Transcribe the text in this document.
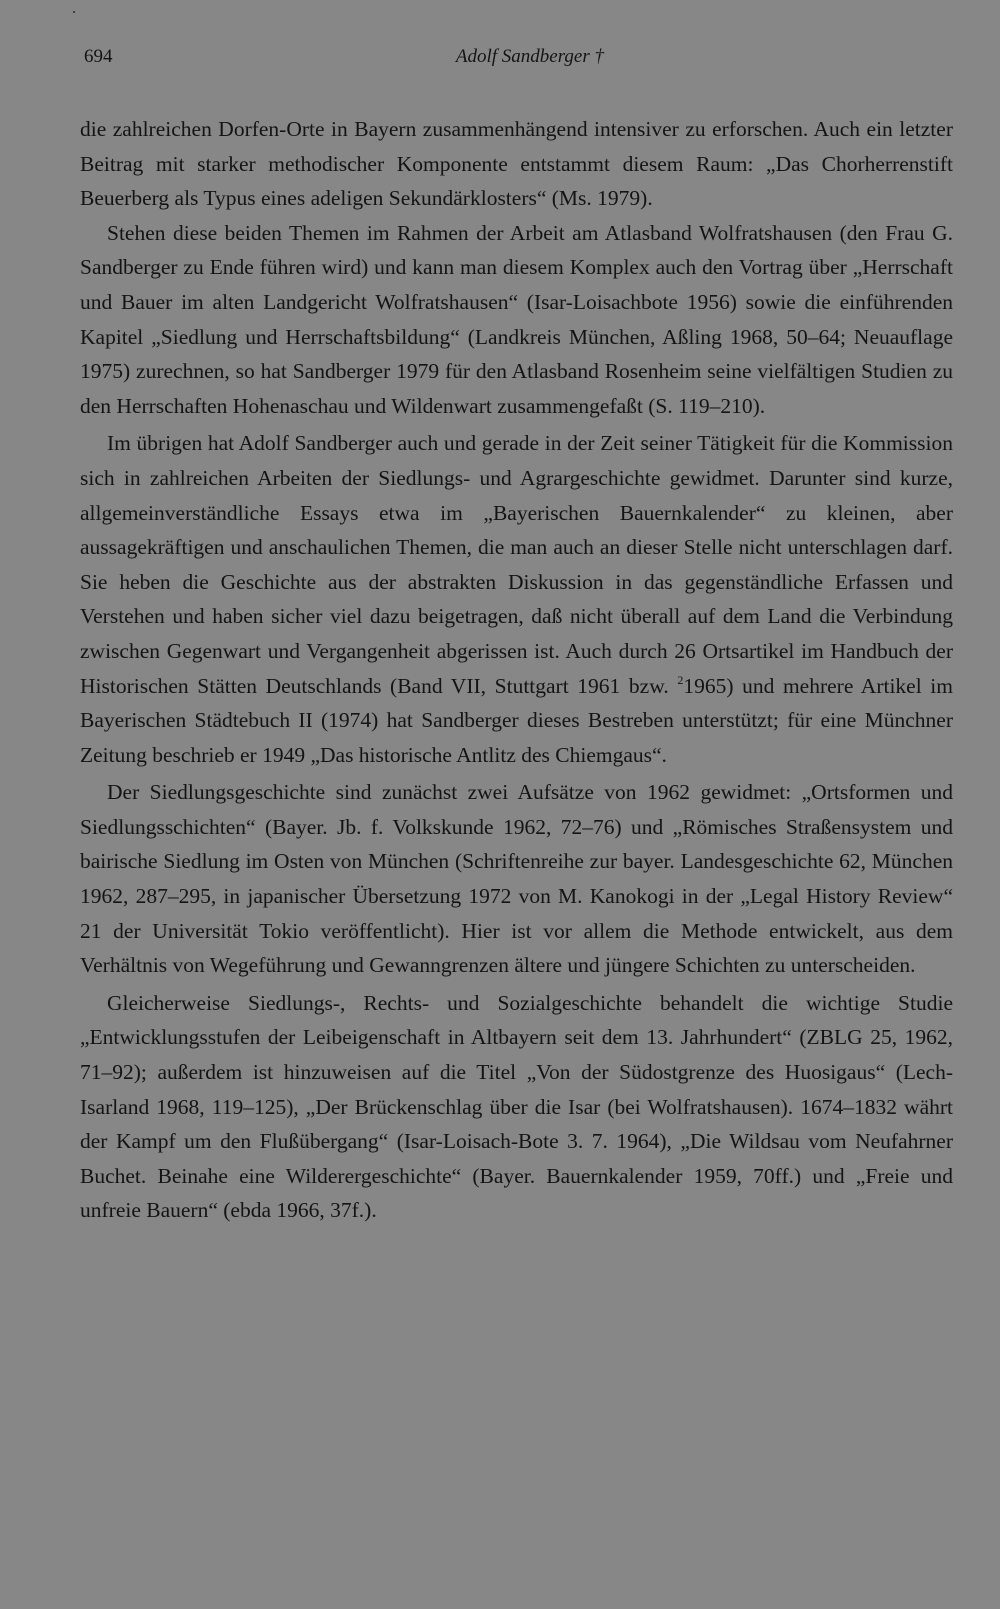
694	Adolf Sandberger †

die zahlreichen Dorfen-Orte in Bayern zusammenhängend intensiver zu erforschen. Auch ein letzter Beitrag mit starker methodischer Komponente entstammt diesem Raum: „Das Chorherrenstift Beuerberg als Typus eines adeligen Sekundärklosters“ (Ms. 1979).

Stehen diese beiden Themen im Rahmen der Arbeit am Atlasband Wolfratshausen (den Frau G. Sandberger zu Ende führen wird) und kann man diesem Komplex auch den Vortrag über „Herrschaft und Bauer im alten Landgericht Wolfratshausen“ (Isar-Loisachbote 1956) sowie die einführenden Kapitel „Siedlung und Herrschaftsbildung“ (Landkreis München, Aßling 1968, 50–64; Neuauflage 1975) zurechnen, so hat Sandberger 1979 für den Atlasband Rosenheim seine vielfältigen Studien zu den Herrschaften Hohenaschau und Wildenwart zusammengefaßt (S. 119–210).

Im übrigen hat Adolf Sandberger auch und gerade in der Zeit seiner Tätigkeit für die Kommission sich in zahlreichen Arbeiten der Siedlungs- und Agrargeschichte gewidmet. Darunter sind kurze, allgemeinverständliche Essays etwa im „Bayerischen Bauernkalender“ zu kleinen, aber aussagekräftigen und anschaulichen Themen, die man auch an dieser Stelle nicht unterschlagen darf. Sie heben die Geschichte aus der abstrakten Diskussion in das gegenständliche Erfassen und Verstehen und haben sicher viel dazu beigetragen, daß nicht überall auf dem Land die Verbindung zwischen Gegenwart und Vergangenheit abgerissen ist. Auch durch 26 Ortsartikel im Handbuch der Historischen Stätten Deutschlands (Band VII, Stuttgart 1961 bzw. $^2$1965) und mehrere Artikel im Bayerischen Städtebuch II (1974) hat Sandberger dieses Bestreben unterstützt; für eine Münchner Zeitung beschrieb er 1949 „Das historische Antlitz des Chiemgaus“.

Der Siedlungsgeschichte sind zunächst zwei Aufsätze von 1962 gewidmet: „Ortsformen und Siedlungsschichten“ (Bayer. Jb. f. Volkskunde 1962, 72–76) und „Römisches Straßensystem und bairische Siedlung im Osten von München (Schriftenreihe zur bayer. Landesgeschichte 62, München 1962, 287–295, in japanischer Übersetzung 1972 von M. Kanokogi in der „Legal History Review“ 21 der Universität Tokio veröffentlicht). Hier ist vor allem die Methode entwickelt, aus dem Verhältnis von Wegeführung und Gewanngrenzen ältere und jüngere Schichten zu unterscheiden.

Gleicherweise Siedlungs-, Rechts- und Sozialgeschichte behandelt die wichtige Studie „Entwicklungsstufen der Leibeigenschaft in Altbayern seit dem 13. Jahrhundert“ (ZBLG 25, 1962, 71–92); außerdem ist hinzuweisen auf die Titel „Von der Südostgrenze des Huosigaus“ (Lech-Isarland 1968, 119–125), „Der Brückenschlag über die Isar (bei Wolfratshausen). 1674–1832 währt der Kampf um den Flußübergang“ (Isar-Loisach-Bote 3. 7. 1964), „Die Wildsau vom Neufahrner Buchet. Beinahe eine Wilderergeschichte“ (Bayer. Bauernkalender 1959, 70ff.) und „Freie und unfreie Bauern“ (ebda 1966, 37f.).
